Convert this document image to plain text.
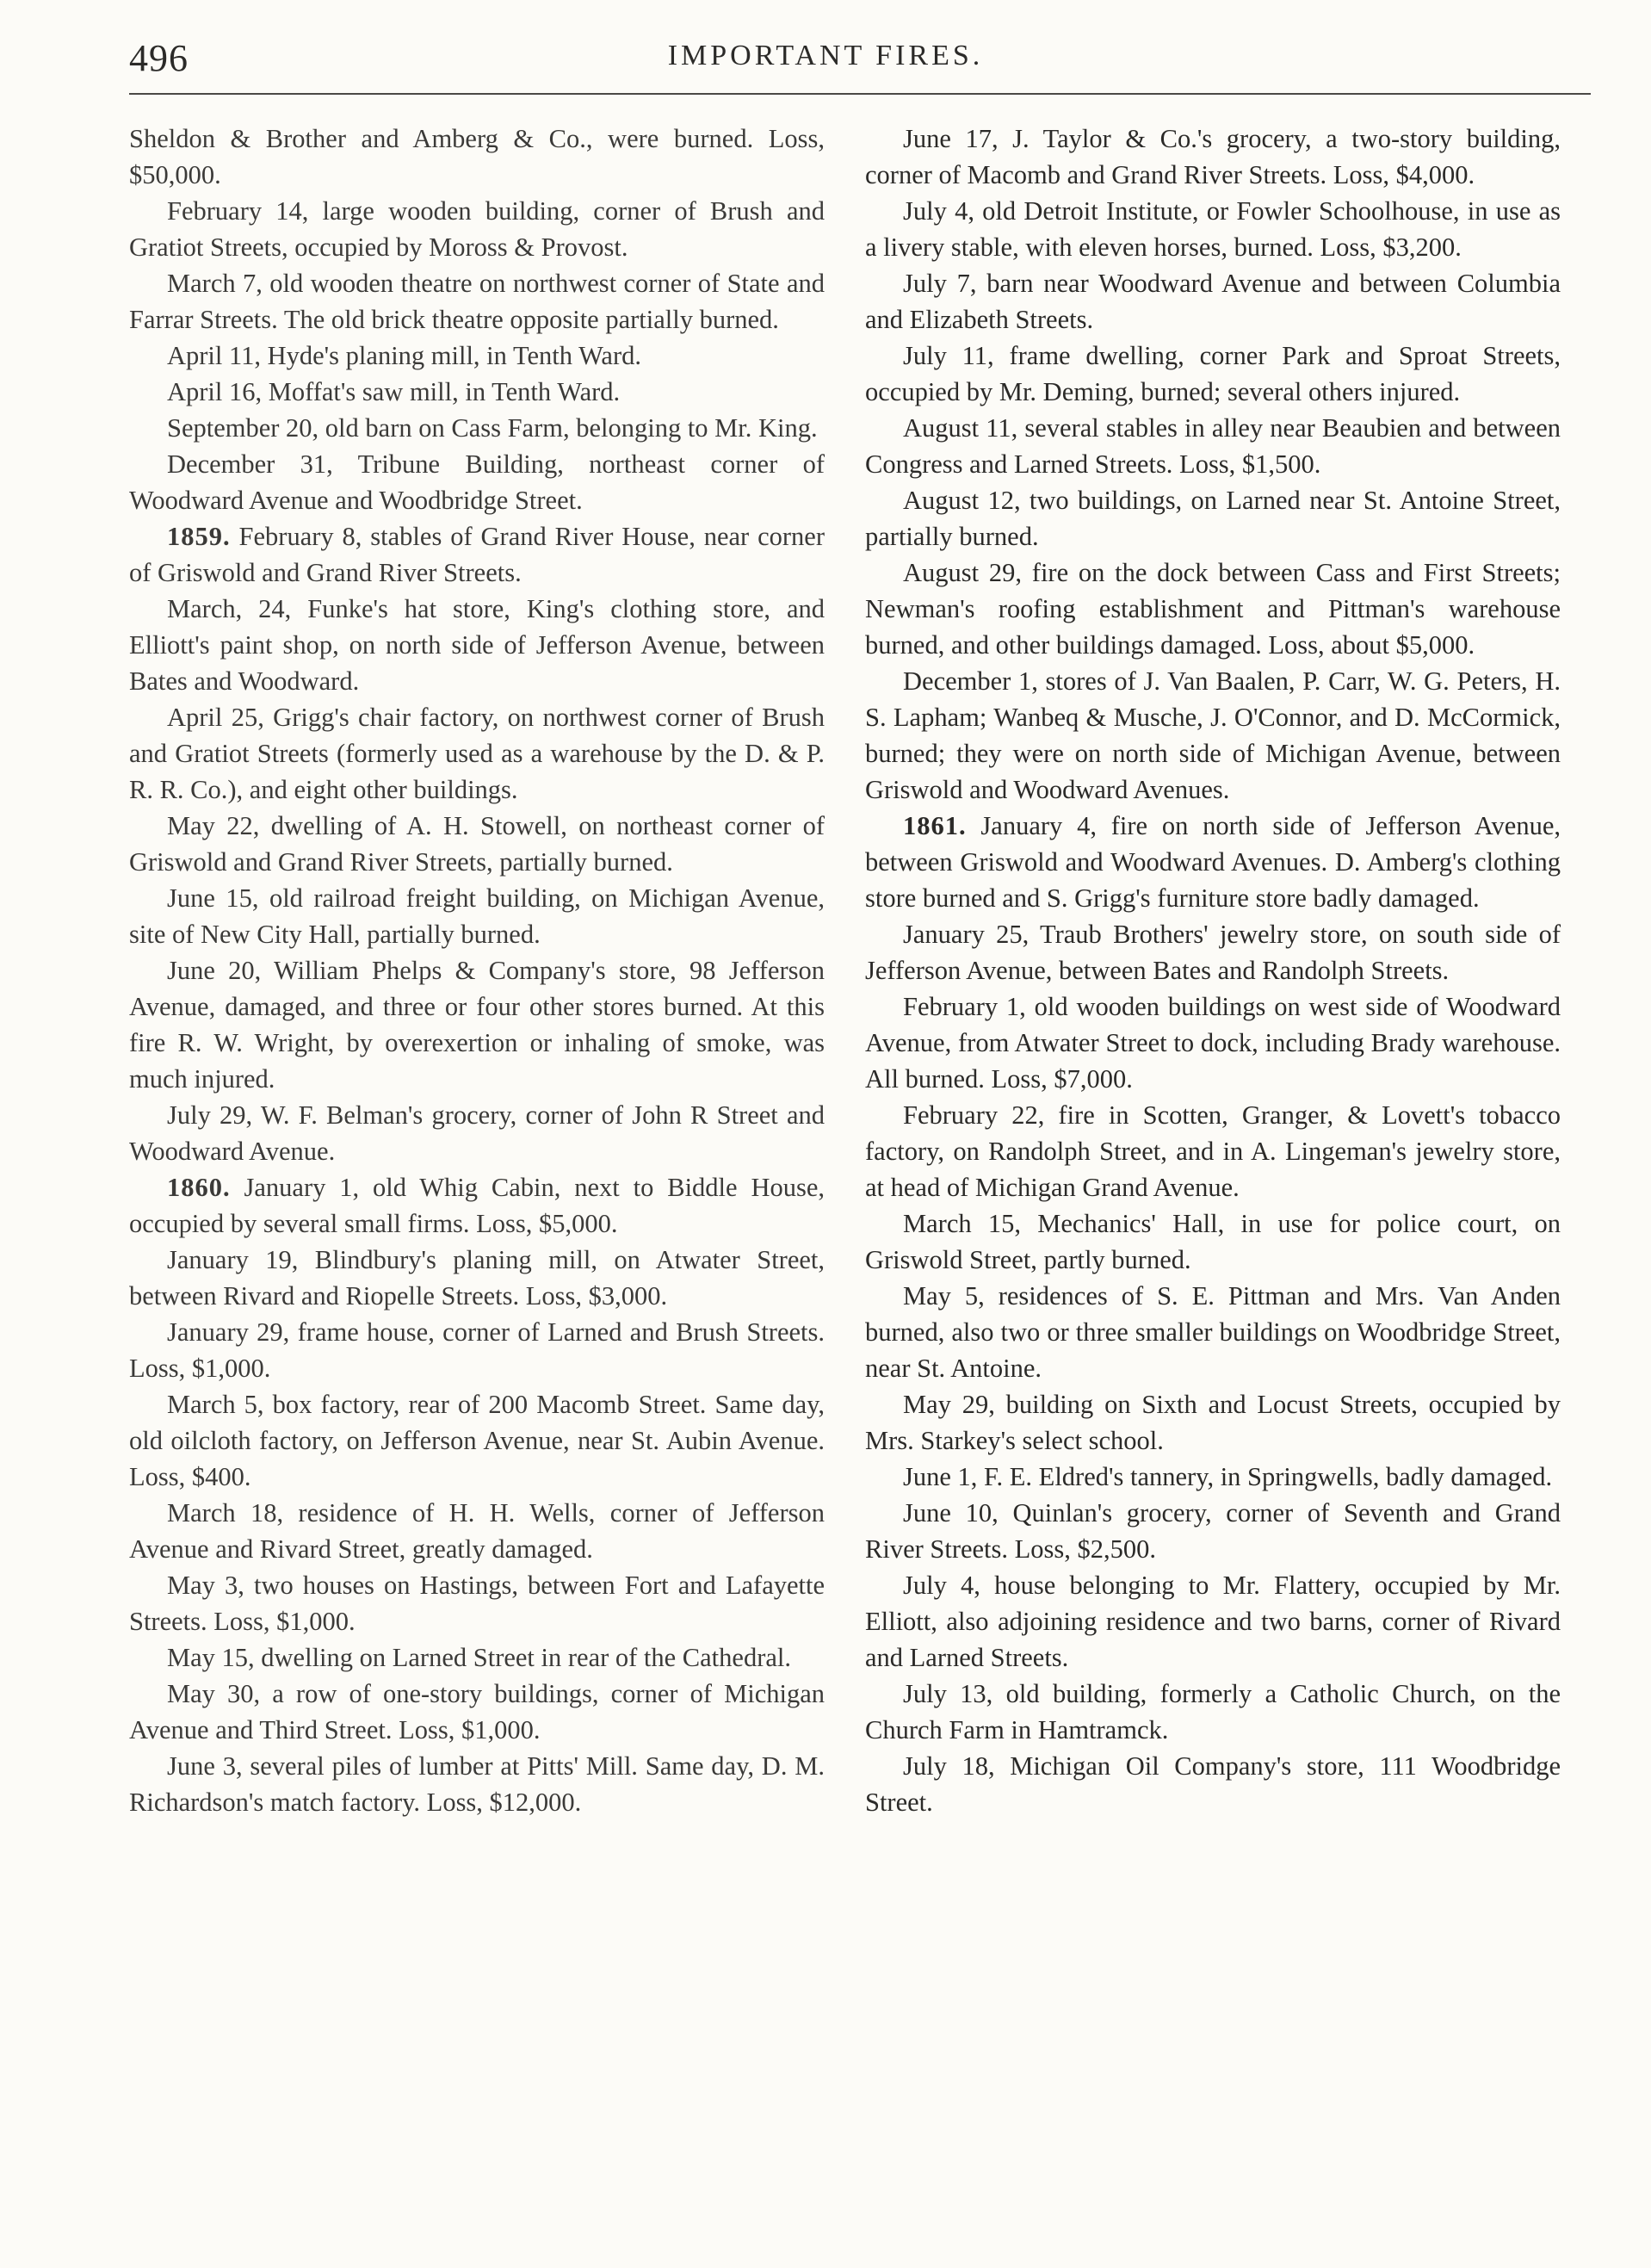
496	IMPORTANT FIRES.

Sheldon & Brother and Amberg & Co., were burned. Loss, $50,000.

February 14, large wooden building, corner of Brush and Gratiot Streets, occupied by Moross & Provost.

March 7, old wooden theatre on northwest corner of State and Farrar Streets. The old brick theatre opposite partially burned.

April 11, Hyde's planing mill, in Tenth Ward.

April 16, Moffat's saw mill, in Tenth Ward.

September 20, old barn on Cass Farm, belonging to Mr. King.

December 31, Tribune Building, northeast corner of Woodward Avenue and Woodbridge Street.

1859. February 8, stables of Grand River House, near corner of Griswold and Grand River Streets.

March, 24, Funke's hat store, King's clothing store, and Elliott's paint shop, on north side of Jefferson Avenue, between Bates and Woodward.

April 25, Grigg's chair factory, on northwest corner of Brush and Gratiot Streets (formerly used as a warehouse by the D. & P. R. R. Co.), and eight other buildings.

May 22, dwelling of A. H. Stowell, on northeast corner of Griswold and Grand River Streets, partially burned.

June 15, old railroad freight building, on Michigan Avenue, site of New City Hall, partially burned.

June 20, William Phelps & Company's store, 98 Jefferson Avenue, damaged, and three or four other stores burned. At this fire R. W. Wright, by overexertion or inhaling of smoke, was much injured.

July 29, W. F. Belman's grocery, corner of John R Street and Woodward Avenue.

1860. January 1, old Whig Cabin, next to Biddle House, occupied by several small firms. Loss, $5,000.

January 19, Blindbury's planing mill, on Atwater Street, between Rivard and Riopelle Streets. Loss, $3,000.

January 29, frame house, corner of Larned and Brush Streets. Loss, $1,000.

March 5, box factory, rear of 200 Macomb Street. Same day, old oilcloth factory, on Jefferson Avenue, near St. Aubin Avenue. Loss, $400.

March 18, residence of H. H. Wells, corner of Jefferson Avenue and Rivard Street, greatly damaged.

May 3, two houses on Hastings, between Fort and Lafayette Streets. Loss, $1,000.

May 15, dwelling on Larned Street in rear of the Cathedral.

May 30, a row of one-story buildings, corner of Michigan Avenue and Third Street. Loss, $1,000.

June 3, several piles of lumber at Pitts' Mill. Same day, D. M. Richardson's match factory. Loss, $12,000.

June 17, J. Taylor & Co.'s grocery, a two-story building, corner of Macomb and Grand River Streets. Loss, $4,000.

July 4, old Detroit Institute, or Fowler Schoolhouse, in use as a livery stable, with eleven horses, burned. Loss, $3,200.

July 7, barn near Woodward Avenue and between Columbia and Elizabeth Streets.

July 11, frame dwelling, corner Park and Sproat Streets, occupied by Mr. Deming, burned; several others injured.

August 11, several stables in alley near Beaubien and between Congress and Larned Streets. Loss, $1,500.

August 12, two buildings, on Larned near St. Antoine Street, partially burned.

August 29, fire on the dock between Cass and First Streets; Newman's roofing establishment and Pittman's warehouse burned, and other buildings damaged. Loss, about $5,000.

December 1, stores of J. Van Baalen, P. Carr, W. G. Peters, H. S. Lapham; Wanbeq & Musche, J. O'Connor, and D. McCormick, burned; they were on north side of Michigan Avenue, between Griswold and Woodward Avenues.

1861. January 4, fire on north side of Jefferson Avenue, between Griswold and Woodward Avenues. D. Amberg's clothing store burned and S. Grigg's furniture store badly damaged.

January 25, Traub Brothers' jewelry store, on south side of Jefferson Avenue, between Bates and Randolph Streets.

February 1, old wooden buildings on west side of Woodward Avenue, from Atwater Street to dock, including Brady warehouse. All burned. Loss, $7,000.

February 22, fire in Scotten, Granger, & Lovett's tobacco factory, on Randolph Street, and in A. Lingeman's jewelry store, at head of Michigan Grand Avenue.

March 15, Mechanics' Hall, in use for police court, on Griswold Street, partly burned.

May 5, residences of S. E. Pittman and Mrs. Van Anden burned, also two or three smaller buildings on Woodbridge Street, near St. Antoine.

May 29, building on Sixth and Locust Streets, occupied by Mrs. Starkey's select school.

June 1, F. E. Eldred's tannery, in Springwells, badly damaged.

June 10, Quinlan's grocery, corner of Seventh and Grand River Streets. Loss, $2,500.

July 4, house belonging to Mr. Flattery, occupied by Mr. Elliott, also adjoining residence and two barns, corner of Rivard and Larned Streets.

July 13, old building, formerly a Catholic Church, on the Church Farm in Hamtramck.

July 18, Michigan Oil Company's store, 111 Woodbridge Street.
